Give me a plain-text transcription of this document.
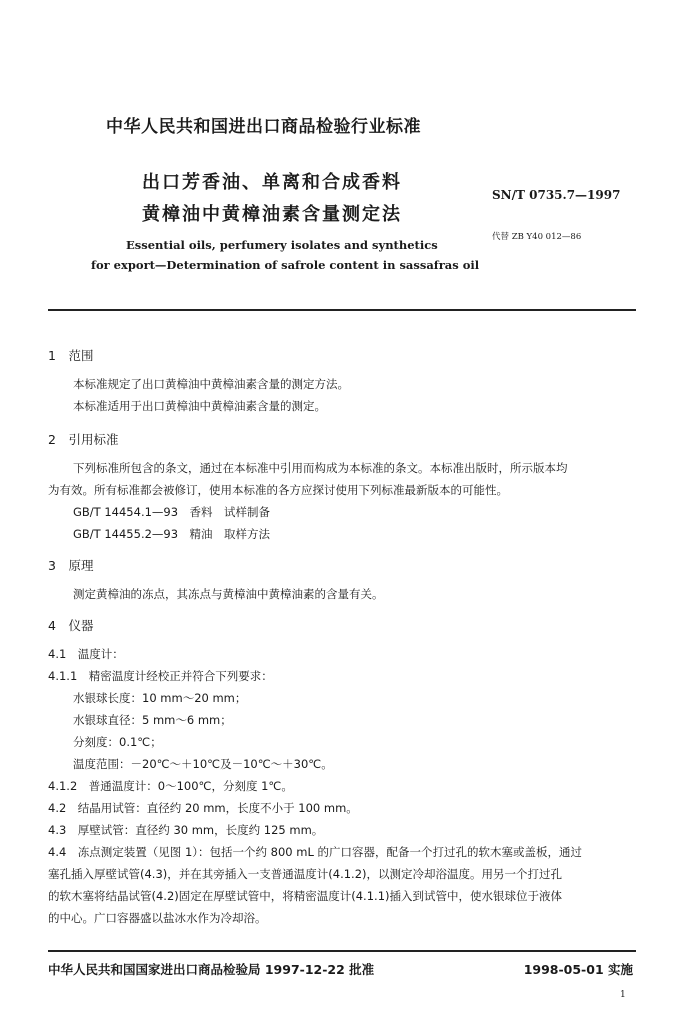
中华人民共和国进出口商品检验行业标准
出口芳香油、单离和合成香料
黄樟油中黄樟油素含量测定法
SN/T 0735.7—1997
代替 ZB Y40 012—86
Essential oils, perfumery isolates and synthetics
for export—Determination of safrole content in sassafras oil
1　范围
本标准规定了出口黄樟油中黄樟油素含量的测定方法。
本标准适用于出口黄樟油中黄樟油素含量的测定。
2　引用标准
下列标准所包含的条文，通过在本标准中引用而构成为本标准的条文。本标准出版时，所示版本均
为有效。所有标准都会被修订，使用本标准的各方应探讨使用下列标准最新版本的可能性。
GB/T 14454.1—93　香料　试样制备
GB/T 14455.2—93　精油　取样方法
3　原理
测定黄樟油的冻点，其冻点与黄樟油中黄樟油素的含量有关。
4　仪器
4.1　温度计：
4.1.1　精密温度计经校正并符合下列要求：
水银球长度：10 mm～20 mm；
水银球直径：5 mm～6 mm；
分刻度：0.1℃；
温度范围：－20℃～＋10℃及－10℃～＋30℃。
4.1.2　普通温度计：0～100℃，分刻度 1℃。
4.2　结晶用试管：直径约 20 mm，长度不小于 100 mm。
4.3　厚壁试管：直径约 30 mm，长度约 125 mm。
4.4　冻点测定装置（见图 1）：包括一个约 800 mL 的广口容器，配备一个打过孔的软木塞或盖板，通过
塞孔插入厚壁试管(4.3)，并在其旁插入一支普通温度计(4.1.2)，以测定冷却浴温度。用另一个打过孔
的软木塞将结晶试管(4.2)固定在厚壁试管中，将精密温度计(4.1.1)插入到试管中，使水银球位于液体
的中心。广口容器盛以盐冰水作为冷却浴。
中华人民共和国国家进出口商品检验局 1997-12-22 批准	1998-05-01 实施
1
